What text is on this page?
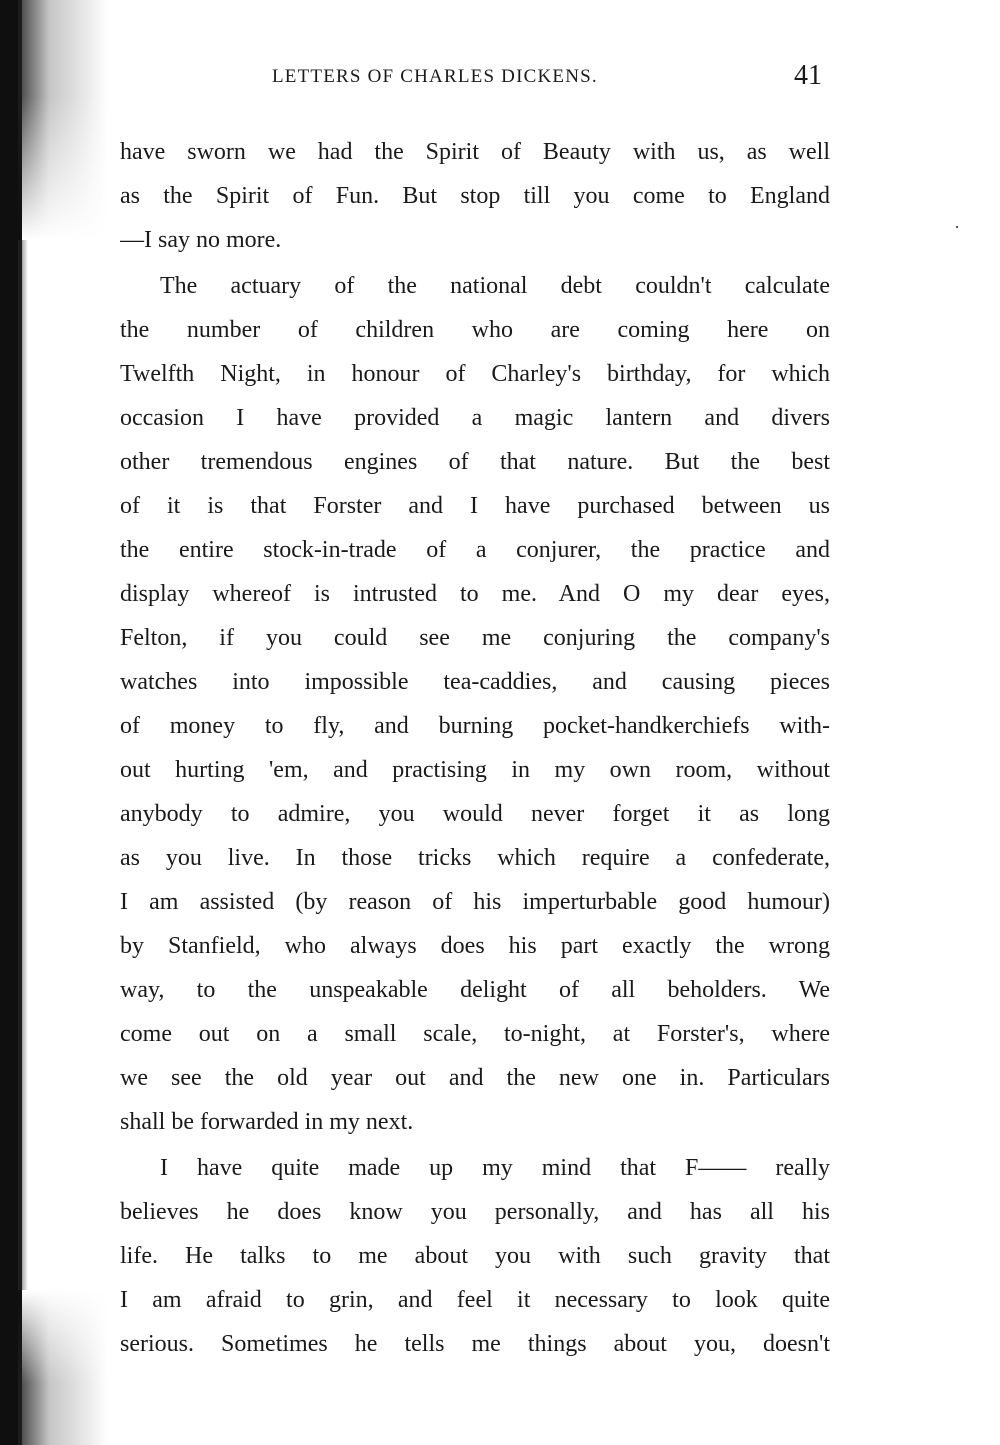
LETTERS OF CHARLES DICKENS.	41
have sworn we had the Spirit of Beauty with us, as well
as the Spirit of Fun. But stop till you come to England
—I say no more.
The actuary of the national debt couldn't calculate
the number of children who are coming here on
Twelfth Night, in honour of Charley's birthday, for which
occasion I have provided a magic lantern and divers
other tremendous engines of that nature. But the best
of it is that Forster and I have purchased between us
the entire stock-in-trade of a conjurer, the practice and
display whereof is intrusted to me. And O my dear eyes,
Felton, if you could see me conjuring the company's
watches into impossible tea-caddies, and causing pieces
of money to fly, and burning pocket-handkerchiefs with-
out hurting 'em, and practising in my own room, without
anybody to admire, you would never forget it as long
as you live. In those tricks which require a confederate,
I am assisted (by reason of his imperturbable good humour)
by Stanfield, who always does his part exactly the wrong
way, to the unspeakable delight of all beholders. We
come out on a small scale, to-night, at Forster's, where
we see the old year out and the new one in. Particulars
shall be forwarded in my next.
I have quite made up my mind that F—— really
believes he does know you personally, and has all his
life. He talks to me about you with such gravity that
I am afraid to grin, and feel it necessary to look quite
serious. Sometimes he tells me things about you, doesn't
